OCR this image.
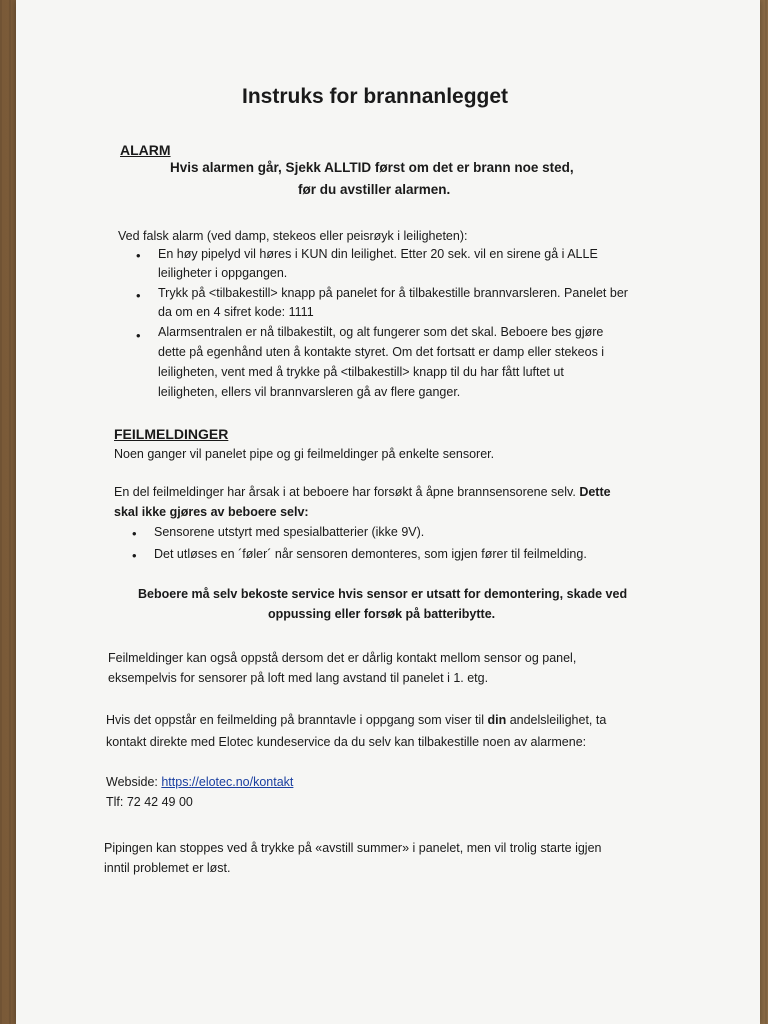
Instruks for brannanlegget
ALARM
Hvis alarmen går, Sjekk ALLTID først om det er brann noe sted,
før du avstiller alarmen.
Ved falsk alarm (ved damp, stekeos eller peisrøyk i leiligheten):
• En høy pipelyd vil høres i KUN din leilighet. Etter 20 sek. vil en sirene gå i ALLE
leiligheter i oppgangen.
• Trykk på <tilbakestill> knapp på panelet for å tilbakestille brannvarsleren. Panelet ber
da om en 4 sifret kode: 1111
• Alarmsentralen er nå tilbakestilt, og alt fungerer som det skal. Beboere bes gjøre
dette på egenhånd uten å kontakte styret. Om det fortsatt er damp eller stekeos i
leiligheten, vent med å trykke på <tilbakestill> knapp til du har fått luftet ut
leiligheten, ellers vil brannvarsleren gå av flere ganger.
FEILMELDINGER
Noen ganger vil panelet pipe og gi feilmeldinger på enkelte sensorer.
En del feilmeldinger har årsak i at beboere har forsøkt å åpne brannsensorene selv. Dette
skal ikke gjøres av beboere selv:
• Sensorene utstyrt med spesialbatterier (ikke 9V).
• Det utløses en ´føler´ når sensoren demonteres, som igjen fører til feilmelding.
Beboere må selv bekoste service hvis sensor er utsatt for demontering, skade ved
oppussing eller forsøk på batteribytte.
Feilmeldinger kan også oppstå dersom det er dårlig kontakt mellom sensor og panel,
eksempelvis for sensorer på loft med lang avstand til panelet i 1. etg.
Hvis det oppstår en feilmelding på branntavle i oppgang som viser til din andelsleilighet, ta
kontakt direkte med Elotec kundeservice da du selv kan tilbakestille noen av alarmene:
Webside: https://elotec.no/kontakt
Tlf: 72 42 49 00
Pipingen kan stoppes ved å trykke på «avstill summer» i panelet, men vil trolig starte igjen
inntil problemet er løst.
